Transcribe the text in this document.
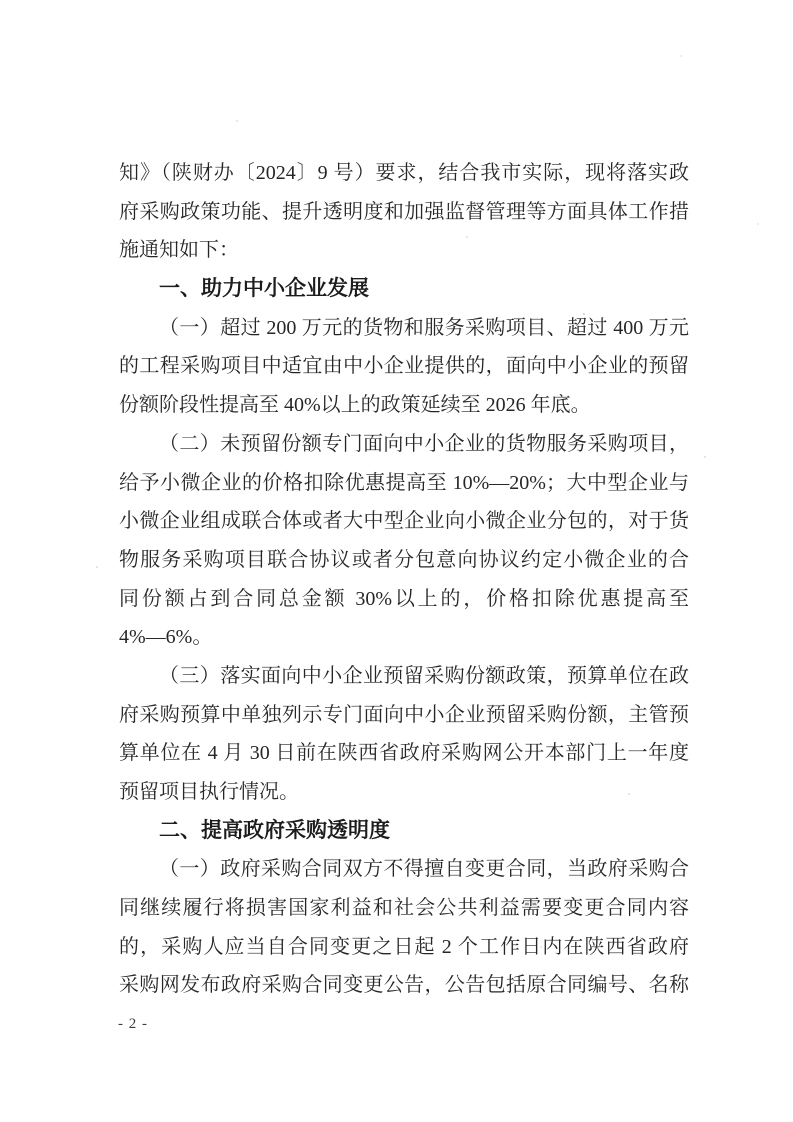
知》（陕财办〔2024〕9 号）要求，结合我市实际，现将落实政
府采购政策功能、提升透明度和加强监督管理等方面具体工作措
施通知如下：
一、助力中小企业发展
（一）超过 200 万元的货物和服务采购项目、超过 400 万元
的工程采购项目中适宜由中小企业提供的，面向中小企业的预留
份额阶段性提高至 40%以上的政策延续至 2026 年底。
（二）未预留份额专门面向中小企业的货物服务采购项目，
给予小微企业的价格扣除优惠提高至 10%—20%；大中型企业与
小微企业组成联合体或者大中型企业向小微企业分包的，对于货
物服务采购项目联合协议或者分包意向协议约定小微企业的合
同份额占到合同总金额 30%以上的，价格扣除优惠提高至
4%—6%。
（三）落实面向中小企业预留采购份额政策，预算单位在政
府采购预算中单独列示专门面向中小企业预留采购份额，主管预
算单位在 4 月 30 日前在陕西省政府采购网公开本部门上一年度
预留项目执行情况。
二、提高政府采购透明度
（一）政府采购合同双方不得擅自变更合同，当政府采购合
同继续履行将损害国家利益和社会公共利益需要变更合同内容
的，采购人应当自合同变更之日起 2 个工作日内在陕西省政府
采购网发布政府采购合同变更公告，公告包括原合同编号、名称
- 2 -
